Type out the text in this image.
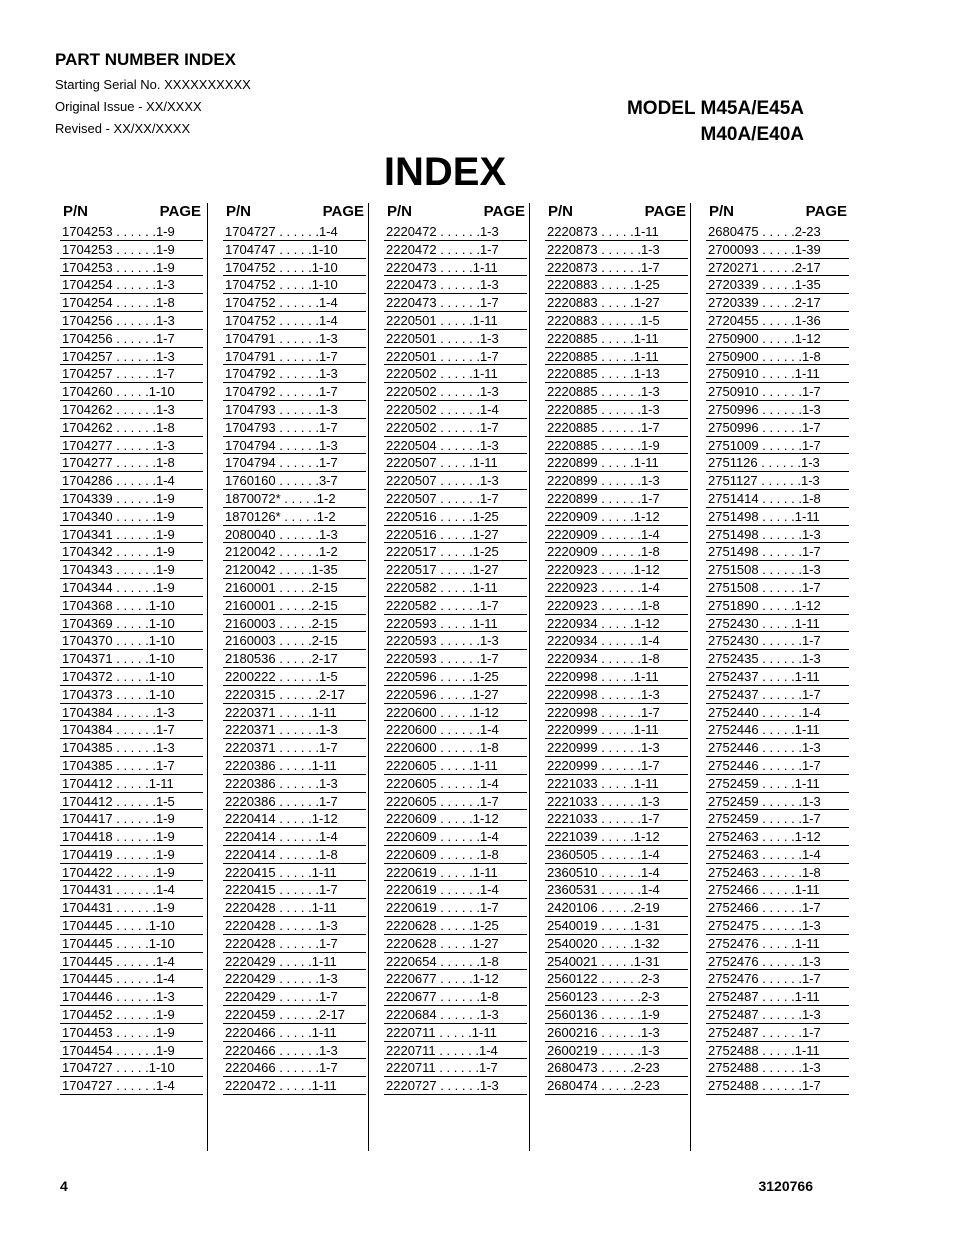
PART NUMBER INDEX
Starting Serial No. XXXXXXXXXX
Original Issue - XX/XXXX
Revised - XX/XX/XXXX
MODEL M45A/E45A
M40A/E40A
INDEX
P/N	PAGE
1704253 . . . . . .1-9
1704253 . . . . . .1-9
1704253 . . . . . .1-9
1704254 . . . . . .1-3
1704254 . . . . . .1-8
1704256 . . . . . .1-3
1704256 . . . . . .1-7
1704257 . . . . . .1-3
1704257 . . . . . .1-7
1704260 . . . . .1-10
1704262 . . . . . .1-3
1704262 . . . . . .1-8
1704277 . . . . . .1-3
1704277 . . . . . .1-8
1704286 . . . . . .1-4
1704339 . . . . . .1-9
1704340 . . . . . .1-9
1704341 . . . . . .1-9
1704342 . . . . . .1-9
1704343 . . . . . .1-9
1704344 . . . . . .1-9
1704368 . . . . .1-10
1704369 . . . . .1-10
1704370 . . . . .1-10
1704371 . . . . .1-10
1704372 . . . . .1-10
1704373 . . . . .1-10
1704384 . . . . . .1-3
1704384 . . . . . .1-7
1704385 . . . . . .1-3
1704385 . . . . . .1-7
1704412 . . . . .1-11
1704412 . . . . . .1-5
1704417 . . . . . .1-9
1704418 . . . . . .1-9
1704419 . . . . . .1-9
1704422 . . . . . .1-9
1704431 . . . . . .1-4
1704431 . . . . . .1-9
1704445 . . . . .1-10
1704445 . . . . .1-10
1704445 . . . . . .1-4
1704445 . . . . . .1-4
1704446 . . . . . .1-3
1704452 . . . . . .1-9
1704453 . . . . . .1-9
1704454 . . . . . .1-9
1704727 . . . . .1-10
1704727 . . . . . .1-4
P/N	PAGE
1704727 . . . . . .1-4
1704747 . . . . .1-10
1704752 . . . . .1-10
1704752 . . . . .1-10
1704752 . . . . . .1-4
1704752 . . . . . .1-4
1704791 . . . . . .1-3
1704791 . . . . . .1-7
1704792 . . . . . .1-3
1704792 . . . . . .1-7
1704793 . . . . . .1-3
1704793 . . . . . .1-7
1704794 . . . . . .1-3
1704794 . . . . . .1-7
1760160 . . . . . .3-7
1870072* . . . . .1-2
1870126* . . . . .1-2
2080040 . . . . . .1-3
2120042 . . . . . .1-2
2120042 . . . . .1-35
2160001 . . . . .2-15
2160001 . . . . .2-15
2160003 . . . . .2-15
2160003 . . . . .2-15
2180536 . . . . .2-17
2200222 . . . . . .1-5
2220315 . . . . . .2-17
2220371 . . . . .1-11
2220371 . . . . . .1-3
2220371 . . . . . .1-7
2220386 . . . . .1-11
2220386 . . . . . .1-3
2220386 . . . . . .1-7
2220414 . . . . .1-12
2220414 . . . . . .1-4
2220414 . . . . . .1-8
2220415 . . . . .1-11
2220415 . . . . . .1-7
2220428 . . . . .1-11
2220428 . . . . . .1-3
2220428 . . . . . .1-7
2220429 . . . . .1-11
2220429 . . . . . .1-3
2220429 . . . . . .1-7
2220459 . . . . . .2-17
2220466 . . . . .1-11
2220466 . . . . . .1-3
2220466 . . . . . .1-7
2220472 . . . . .1-11
P/N	PAGE
2220472 . . . . . .1-3
2220472 . . . . . .1-7
2220473 . . . . .1-11
2220473 . . . . . .1-3
2220473 . . . . . .1-7
2220501 . . . . .1-11
2220501 . . . . . .1-3
2220501 . . . . . .1-7
2220502 . . . . .1-11
2220502 . . . . . .1-3
2220502 . . . . . .1-4
2220502 . . . . . .1-7
2220504 . . . . . .1-3
2220507 . . . . .1-11
2220507 . . . . . .1-3
2220507 . . . . . .1-7
2220516 . . . . .1-25
2220516 . . . . .1-27
2220517 . . . . .1-25
2220517 . . . . .1-27
2220582 . . . . .1-11
2220582 . . . . . .1-7
2220593 . . . . .1-11
2220593 . . . . . .1-3
2220593 . . . . . .1-7
2220596 . . . . .1-25
2220596 . . . . .1-27
2220600 . . . . .1-12
2220600 . . . . . .1-4
2220600 . . . . . .1-8
2220605 . . . . .1-11
2220605 . . . . . .1-4
2220605 . . . . . .1-7
2220609 . . . . .1-12
2220609 . . . . . .1-4
2220609 . . . . . .1-8
2220619 . . . . .1-11
2220619 . . . . . .1-4
2220619 . . . . . .1-7
2220628 . . . . .1-25
2220628 . . . . .1-27
2220654 . . . . . .1-8
2220677 . . . . .1-12
2220677 . . . . . .1-8
2220684 . . . . . .1-3
2220711 . . . . .1-11
2220711 . . . . . .1-4
2220711 . . . . . .1-7
2220727 . . . . . .1-3
P/N	PAGE
2220873 . . . . .1-11
2220873 . . . . . .1-3
2220873 . . . . . .1-7
2220883 . . . . .1-25
2220883 . . . . .1-27
2220883 . . . . . .1-5
2220885 . . . . .1-11
2220885 . . . . .1-11
2220885 . . . . .1-13
2220885 . . . . . .1-3
2220885 . . . . . .1-3
2220885 . . . . . .1-7
2220885 . . . . . .1-9
2220899 . . . . .1-11
2220899 . . . . . .1-3
2220899 . . . . . .1-7
2220909 . . . . .1-12
2220909 . . . . . .1-4
2220909 . . . . . .1-8
2220923 . . . . .1-12
2220923 . . . . . .1-4
2220923 . . . . . .1-8
2220934 . . . . .1-12
2220934 . . . . . .1-4
2220934 . . . . . .1-8
2220998 . . . . .1-11
2220998 . . . . . .1-3
2220998 . . . . . .1-7
2220999 . . . . .1-11
2220999 . . . . . .1-3
2220999 . . . . . .1-7
2221033 . . . . .1-11
2221033 . . . . . .1-3
2221033 . . . . . .1-7
2221039 . . . . .1-12
2360505 . . . . . .1-4
2360510 . . . . . .1-4
2360531 . . . . . .1-4
2420106 . . . . .2-19
2540019 . . . . .1-31
2540020 . . . . .1-32
2540021 . . . . .1-31
2560122 . . . . . .2-3
2560123 . . . . . .2-3
2560136 . . . . . .1-9
2600216 . . . . . .1-3
2600219 . . . . . .1-3
2680473 . . . . .2-23
2680474 . . . . .2-23
P/N	PAGE
2680475 . . . . .2-23
2700093 . . . . .1-39
2720271 . . . . .2-17
2720339 . . . . .1-35
2720339 . . . . .2-17
2720455 . . . . .1-36
2750900 . . . . .1-12
2750900 . . . . . .1-8
2750910 . . . . .1-11
2750910 . . . . . .1-7
2750996 . . . . . .1-3
2750996 . . . . . .1-7
2751009 . . . . . .1-7
2751126 . . . . . .1-3
2751127 . . . . . .1-3
2751414 . . . . . .1-8
2751498 . . . . .1-11
2751498 . . . . . .1-3
2751498 . . . . . .1-7
2751508 . . . . . .1-3
2751508 . . . . . .1-7
2751890 . . . . .1-12
2752430 . . . . .1-11
2752430 . . . . . .1-7
2752435 . . . . . .1-3
2752437 . . . . .1-11
2752437 . . . . . .1-7
2752440 . . . . . .1-4
2752446 . . . . .1-11
2752446 . . . . . .1-3
2752446 . . . . . .1-7
2752459 . . . . .1-11
2752459 . . . . . .1-3
2752459 . . . . . .1-7
2752463 . . . . .1-12
2752463 . . . . . .1-4
2752463 . . . . . .1-8
2752466 . . . . .1-11
2752466 . . . . . .1-7
2752475 . . . . . .1-3
2752476 . . . . .1-11
2752476 . . . . . .1-3
2752476 . . . . . .1-7
2752487 . . . . .1-11
2752487 . . . . . .1-3
2752487 . . . . . .1-7
2752488 . . . . .1-11
2752488 . . . . . .1-3
2752488 . . . . . .1-7
4	3120766
